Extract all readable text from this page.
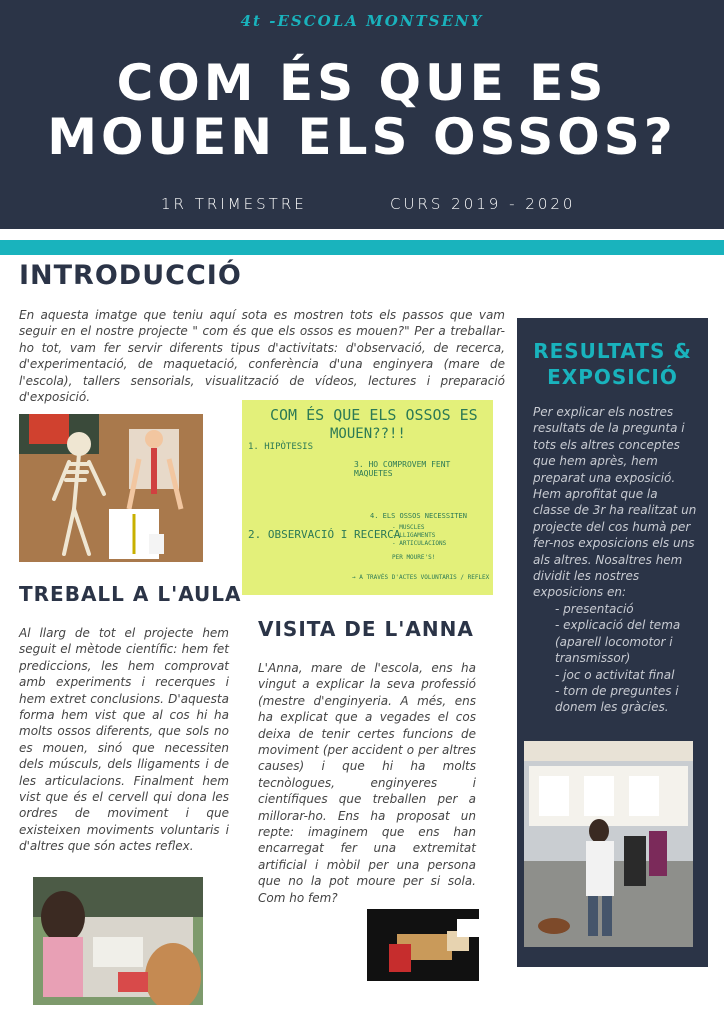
4t -ESCOLA MONTSENY
COM ÉS QUE ES
MOUEN ELS OSSOS?
1R TRIMESTRE	CURS 2019 - 2020
INTRODUCCIÓ
En aquesta imatge que teniu aquí sota es mostren tots els passos que vam seguir en el nostre projecte " com és que els ossos es mouen?" Per a treballar-ho tot, vam fer servir diferents tipus d'activitats: d'observació, de recerca, d'experimentació, de maquetació, conferència d'una enginyera (mare de l'escola), tallers sensorials, visualització de vídeos, lectures i preparació d'exposició.
COM ÉS QUE ELS OSSOS ES
MOUEN??!!
1. HIPÒTESIS
2. OBSERVACIÓ I RECERCA
3. HO COMPROVEM FENT MAQUETES
4. ELS OSSOS NECESSITEN
- MUSCLES
- LLIGAMENTS
- ARTICULACIONS
PER MOURE'S!
→ A TRAVÉS D'ACTES VOLUNTARIS / REFLEX
TREBALL A L'AULA
Al llarg de tot el projecte hem seguit el mètode científic: hem fet prediccions, les hem comprovat amb experiments i recerques i hem extret conclusions. D'aquesta forma hem vist que al cos hi ha molts ossos diferents, que sols no es mouen, sinó que necessiten dels músculs, dels lligaments i de les articulacions. Finalment hem vist que és el cervell qui dona les ordres de moviment i que existeixen moviments voluntaris i d'altres que són actes reflex.
VISITA DE L'ANNA
L'Anna, mare de l'escola, ens ha vingut a explicar la seva professió (mestre d'enginyeria. A més, ens ha explicat que a vegades el cos deixa de tenir certes funcions de moviment (per accident o per altres causes) i que hi ha molts tecnòlogues, enginyeres i científiques que treballen per a millorar-ho. Ens ha proposat un repte: imaginem que ens han encarregat fer una extremitat artificial i mòbil per una persona que no la pot moure per si sola. Com ho fem?
RESULTATS & EXPOSICIÓ
Per explicar els nostres resultats de la pregunta i tots els altres conceptes que hem après, hem preparat una exposició. Hem aprofitat que la classe de 3r ha realitzat un projecte del cos humà per fer-nos exposicions els uns als altres. Nosaltres hem dividit les nostres exposicions en:
- presentació
- explicació del tema (aparell locomotor i transmissor)
- joc o activitat final
- torn de preguntes i donem les gràcies.
